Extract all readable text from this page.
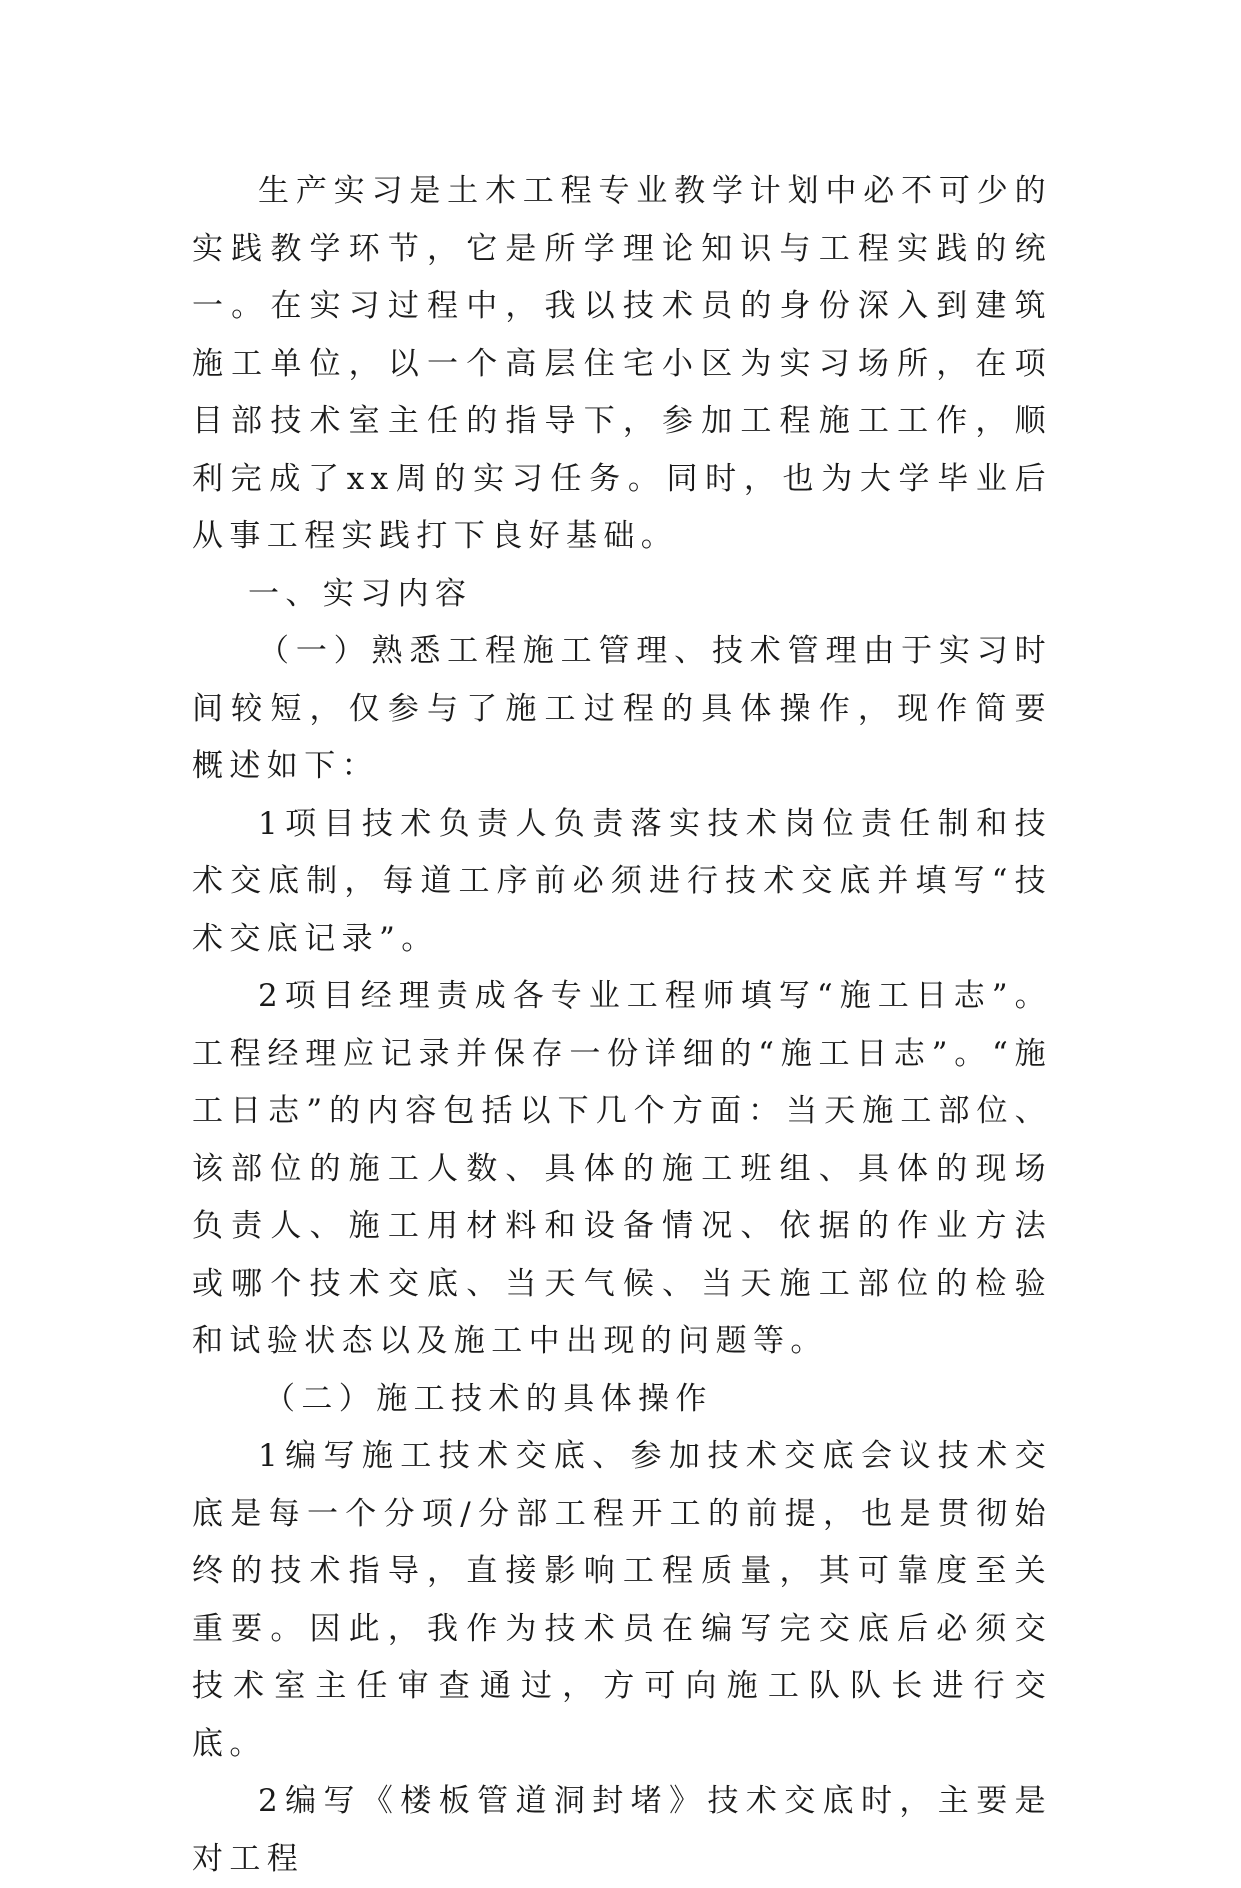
生产实习是土木工程专业教学计划中必不可少的实践教学环节，它是所学理论知识与工程实践的统一。在实习过程中，我以技术员的身份深入到建筑施工单位，以一个高层住宅小区为实习场所，在项目部技术室主任的指导下，参加工程施工工作，顺利完成了xx周的实习任务。同时，也为大学毕业后从事工程实践打下良好基础。

一、实习内容

（一）熟悉工程施工管理、技术管理由于实习时间较短，仅参与了施工过程的具体操作，现作简要概述如下：

1项目技术负责人负责落实技术岗位责任制和技术交底制，每道工序前必须进行技术交底并填写“技术交底记录”。

2项目经理责成各专业工程师填写“施工日志”。工程经理应记录并保存一份详细的“施工日志”。“施工日志”的内容包括以下几个方面：当天施工部位、该部位的施工人数、具体的施工班组、具体的现场负责人、施工用材料和设备情况、依据的作业方法或哪个技术交底、当天气候、当天施工部位的检验和试验状态以及施工中出现的问题等。

（二）施工技术的具体操作

1编写施工技术交底、参加技术交底会议技术交底是每一个分项/分部工程开工的前提，也是贯彻始终的技术指导，直接影响工程质量，其可靠度至关重要。因此，我作为技术员在编写完交底后必须交技术室主任审查通过，方可向施工队队长进行交底。

2编写《楼板管道洞封堵》技术交底时，主要是对工程
